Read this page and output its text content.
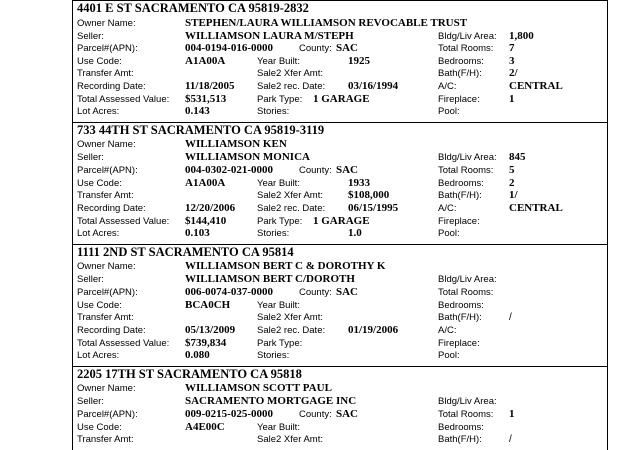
4401 E ST SACRAMENTO CA 95819-2832
Owner Name:	STEPHEN/LAURA WILLIAMSON REVOCABLE TRUST
Seller:	WILLIAMSON LAURA M/STEPH	Bldg/Liv Area: 1,800
Parcel#(APN):	004-0194-016-0000	County: SAC	Total Rooms: 7
Use Code:	A1A00A	Year Built:	1925	Bedrooms: 3
Transfer Amt:	Sale2 Xfer Amt:	Bath(F/H): 2/
Recording Date:	11/18/2005 Sale2 rec. Date: 03/16/1994	A/C:	CENTRAL
Total Assessed Value: $531,513	Park Type: 1 GARAGE	Fireplace:	1
Lot Acres:	0.143	Stories:	Pool:
733 44TH ST SACRAMENTO CA 95819-3119
Owner Name:	WILLIAMSON KEN
Seller:	WILLIAMSON MONICA	Bldg/Liv Area: 845
Parcel#(APN):	004-0302-021-0000	County: SAC	Total Rooms: 5
Use Code:	A1A00A	Year Built:	1933	Bedrooms: 2
Transfer Amt:	Sale2 Xfer Amt: $108,000	Bath(F/H): 1/
Recording Date:	12/20/2006 Sale2 rec. Date: 06/15/1995	A/C:	CENTRAL
Total Assessed Value: $144,410	Park Type: 1 GARAGE	Fireplace:
Lot Acres:	0.103	Stories:	1.0	Pool:
1111 2ND ST SACRAMENTO CA 95814
Owner Name:	WILLIAMSON BERT C & DOROTHY K
Seller:	WILLIAMSON BERT C/DOROTH	Bldg/Liv Area:
Parcel#(APN):	006-0074-037-0000	County: SAC	Total Rooms:
Use Code:	BCA0CH	Year Built:	Bedrooms:
Transfer Amt:	Sale2 Xfer Amt:	Bath(F/H):	/
Recording Date:	05/13/2009 Sale2 rec. Date: 01/19/2006	A/C:
Total Assessed Value: $739,834	Park Type:	Fireplace:
Lot Acres:	0.080	Stories:	Pool:
2205 17TH ST SACRAMENTO CA 95818
Owner Name:	WILLIAMSON SCOTT PAUL
Seller:	SACRAMENTO MORTGAGE INC	Bldg/Liv Area:
Parcel#(APN):	009-0215-025-0000	County: SAC	Total Rooms: 1
Use Code:	A4E00C	Year Built:	Bedrooms:
Transfer Amt:	Sale2 Xfer Amt:	Bath(F/H):	/
